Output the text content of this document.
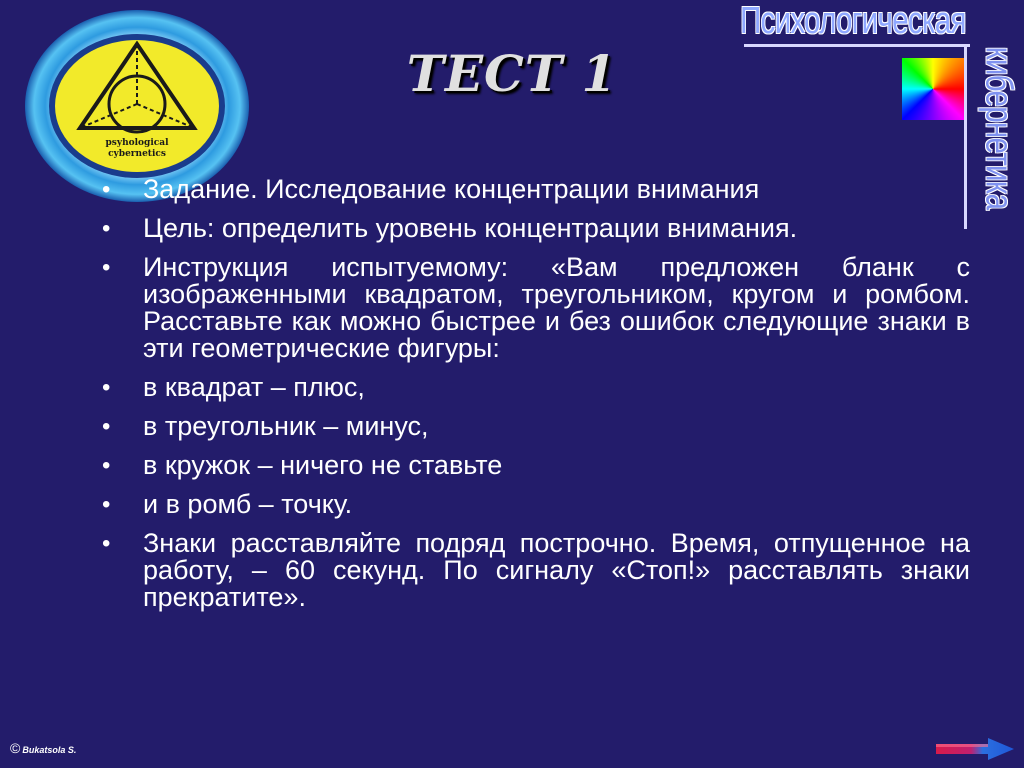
psyhological
cybernetics
ТЕСТ 1
Психологическая
кибернетика
• Задание. Исследование концентрации внимания
• Цель: определить уровень концентрации внимания.
• Инструкция испытуемому: «Вам предложен бланк с изображенными квадратом, треугольником, кругом и ромбом. Расставьте как можно быстрее и без ошибок следующие знаки в эти геометрические фигуры:
• в квадрат – плюс,
• в треугольник – минус,
• в кружок – ничего не ставьте
• и в ромб – точку.
• Знаки расставляйте подряд построчно. Время, отпущенное на работу, – 60 секунд. По сигналу «Стоп!» расставлять знаки прекратите».
© Bukatsola S.
